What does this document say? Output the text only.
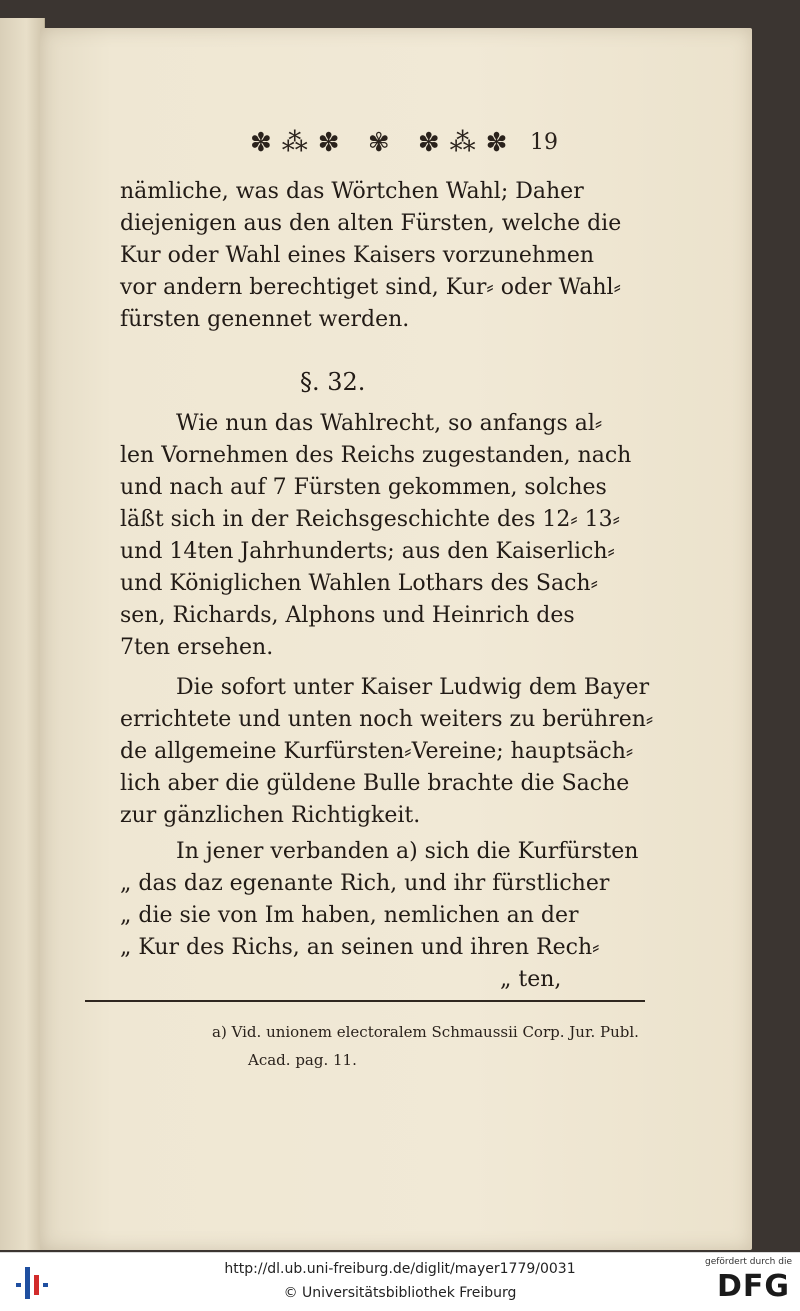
✽⁂✽ ✾ ✽⁂✽ 19
nämliche, was das Wörtchen Wahl; Daher
diejenigen aus den alten Fürsten, welche die
Kur oder Wahl eines Kaisers vorzunehmen
vor andern berechtiget sind, Kur⸗ oder Wahl⸗
fürsten genennet werden.
§. 32.
Wie nun das Wahlrecht, so anfangs al⸗
len Vornehmen des Reichs zugestanden, nach
und nach auf 7 Fürsten gekommen, solches
läßt sich in der Reichsgeschichte des 12⸗ 13⸗
und 14ten Jahrhunderts; aus den Kaiserlich⸗
und Königlichen Wahlen Lothars des Sach⸗
sen, Richards, Alphons und Heinrich des
7ten ersehen.
Die sofort unter Kaiser Ludwig dem Bayer
errichtete und unten noch weiters zu berühren⸗
de allgemeine Kurfürsten⸗Vereine; hauptsäch⸗
lich aber die güldene Bulle brachte die Sache
zur gänzlichen Richtigkeit.
In jener verbanden a) sich die Kurfürsten
„ das daz egenante Rich, und ihr fürstlicher
„ die sie von Im haben, nemlichen an der
„ Kur des Richs, an seinen und ihren Rech⸗
„ ten,
a) Vid. unionem electoralem Schmaussii Corp. Jur. Publ.
Acad. pag. 11.
http://dl.ub.uni-freiburg.de/diglit/mayer1779/0031
© Universitätsbibliothek Freiburg
gefördert durch die
DFG
